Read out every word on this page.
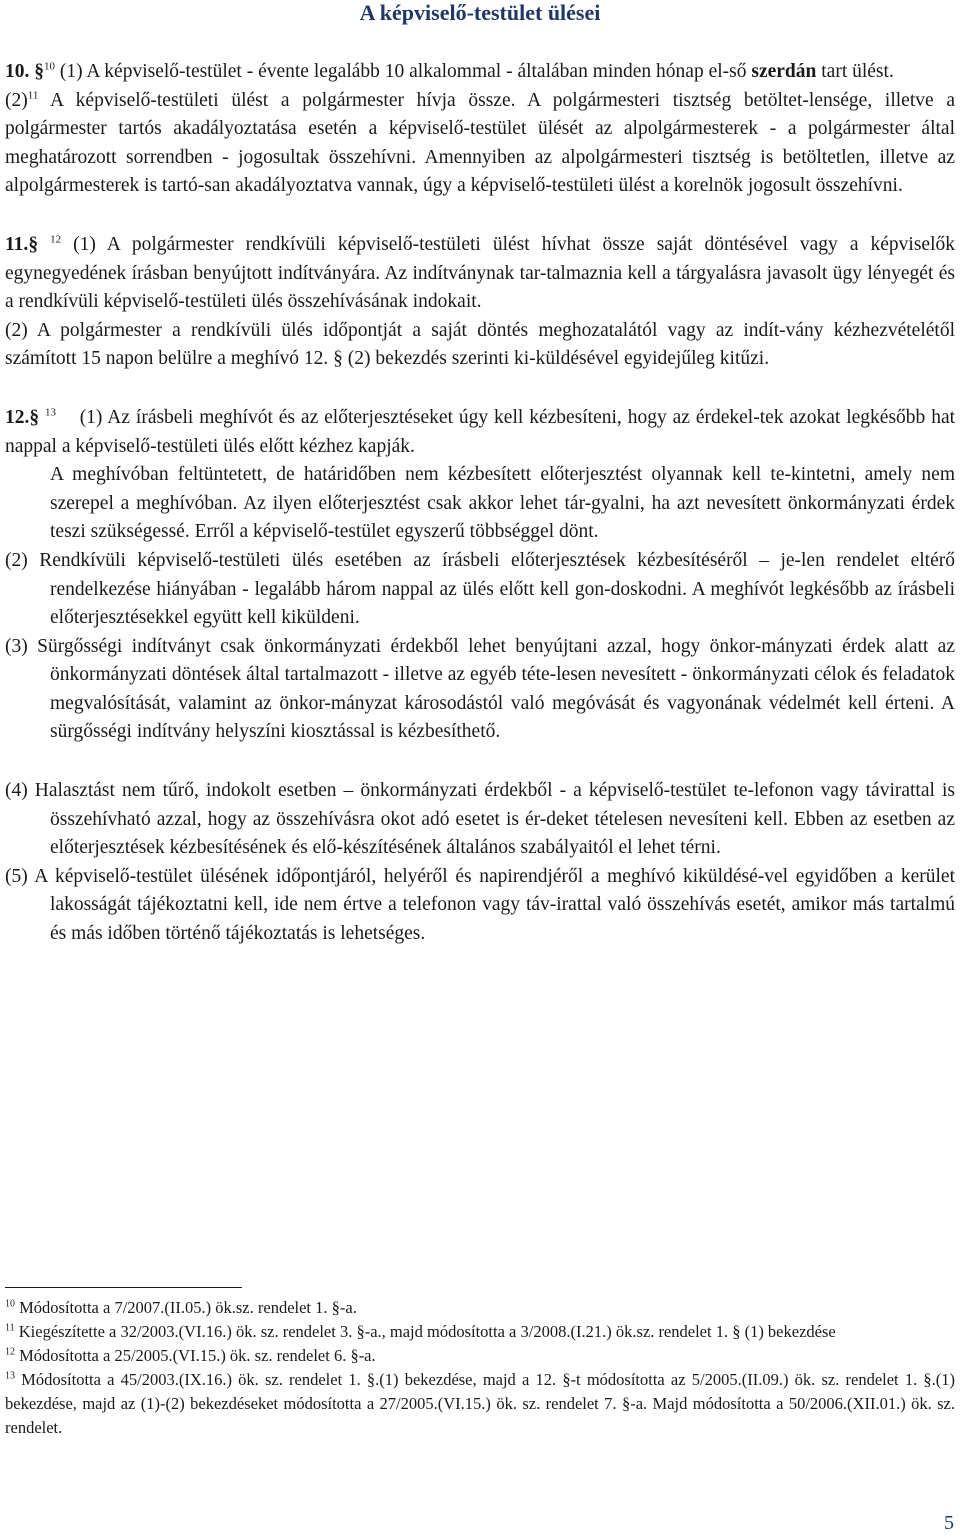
A képviselő-testület ülései

10. §$^{10}$ (1) A képviselő-testület - évente legalább 10 alkalommal - általában minden hónap el-ső szerdán tart ülést.

$(2)^{11}$ A képviselő-testületi ülést a polgármester hívja össze. A polgármesteri tisztség betöltet-lensége, illetve a polgármester tartós akadályoztatása esetén a képviselő-testület ülését az alpolgármesterek - a polgármester által meghatározott sorrendben - jogosultak összehívni. Amennyiben az alpolgármesteri tisztség is betöltetlen, illetve az alpolgármesterek is tartó-san akadályoztatva vannak, úgy a képviselő-testületi ülést a korelnök jogosult összehívni.

11.§ $^{12}$ (1) A polgármester rendkívüli képviselő-testületi ülést hívhat össze saját döntésével vagy a képviselők egynegyedének írásban benyújtott indítványára. Az indítványnak tar-talmaznia kell a tárgyalásra javasolt ügy lényegét és a rendkívüli képviselő-testületi ülés összehívásának indokait.

(2) A polgármester a rendkívüli ülés időpontját a saját döntés meghozatalától vagy az indít-vány kézhezvételétől számított 15 napon belülre a meghívó 12. § (2) bekezdés szerinti ki-küldésével egyidejűleg kitűzi.

12.§ $^{13}$ (1) Az írásbeli meghívót és az előterjesztéseket úgy kell kézbesíteni, hogy az érdekel-tek azokat legkésőbb hat nappal a képviselő-testületi ülés előtt kézhez kapják.

A meghívóban feltüntetett, de határidőben nem kézbesített előterjesztést olyannak kell te-kintetni, amely nem szerepel a meghívóban. Az ilyen előterjesztést csak akkor lehet tár-gyalni, ha azt nevesített önkormányzati érdek teszi szükségessé. Erről a képviselő-testület egyszerű többséggel dönt.

(2) Rendkívüli képviselő-testületi ülés esetében az írásbeli előterjesztések kézbesítéséről – je-len rendelet eltérő rendelkezése hiányában - legalább három nappal az ülés előtt kell gon-doskodni. A meghívót legkésőbb az írásbeli előterjesztésekkel együtt kell kiküldeni.

(3) Sürgősségi indítványt csak önkormányzati érdekből lehet benyújtani azzal, hogy önkor-mányzati érdek alatt az önkormányzati döntések által tartalmazott - illetve az egyéb téte-lesen nevesített - önkormányzati célok és feladatok megvalósítását, valamint az önkor-mányzat károsodástól való megóvását és vagyonának védelmét kell érteni. A sürgősségi indítvány helyszíni kiosztással is kézbesíthető.

(4) Halasztást nem tűrő, indokolt esetben – önkormányzati érdekből - a képviselő-testület te-lefonon vagy távirattal is összehívható azzal, hogy az összehívásra okot adó esetet is ér-deket tételesen nevesíteni kell. Ebben az esetben az előterjesztések kézbesítésének és elő-készítésének általános szabályaitól el lehet térni.

(5) A képviselő-testület ülésének időpontjáról, helyéről és napirendjéről a meghívó kiküldésé-vel egyidőben a kerület lakosságát tájékoztatni kell, ide nem értve a telefonon vagy táv-irattal való összehívás esetét, amikor más tartalmú és más időben történő tájékoztatás is lehetséges.

$^{10}$ Módosította a 7/2007.(II.05.) ök.sz. rendelet 1. §-a.

$^{11}$ Kiegészítette a 32/2003.(VI.16.) ök. sz. rendelet 3. §-a., majd módosította a 3/2008.(I.21.) ök.sz. rendelet 1. § (1) bekezdése

$^{12}$ Módosította a 25/2005.(VI.15.) ök. sz. rendelet 6. §-a.

$^{13}$ Módosította a 45/2003.(IX.16.) ök. sz. rendelet 1. §.(1) bekezdése, majd a 12. §-t módosította az 5/2005.(II.09.) ök. sz. rendelet 1. §.(1) bekezdése, majd az (1)-(2) bekezdéseket módosította a 27/2005.(VI.15.) ök. sz. rendelet 7. §-a. Majd módosította a 50/2006.(XII.01.) ök. sz. rendelet.

5
